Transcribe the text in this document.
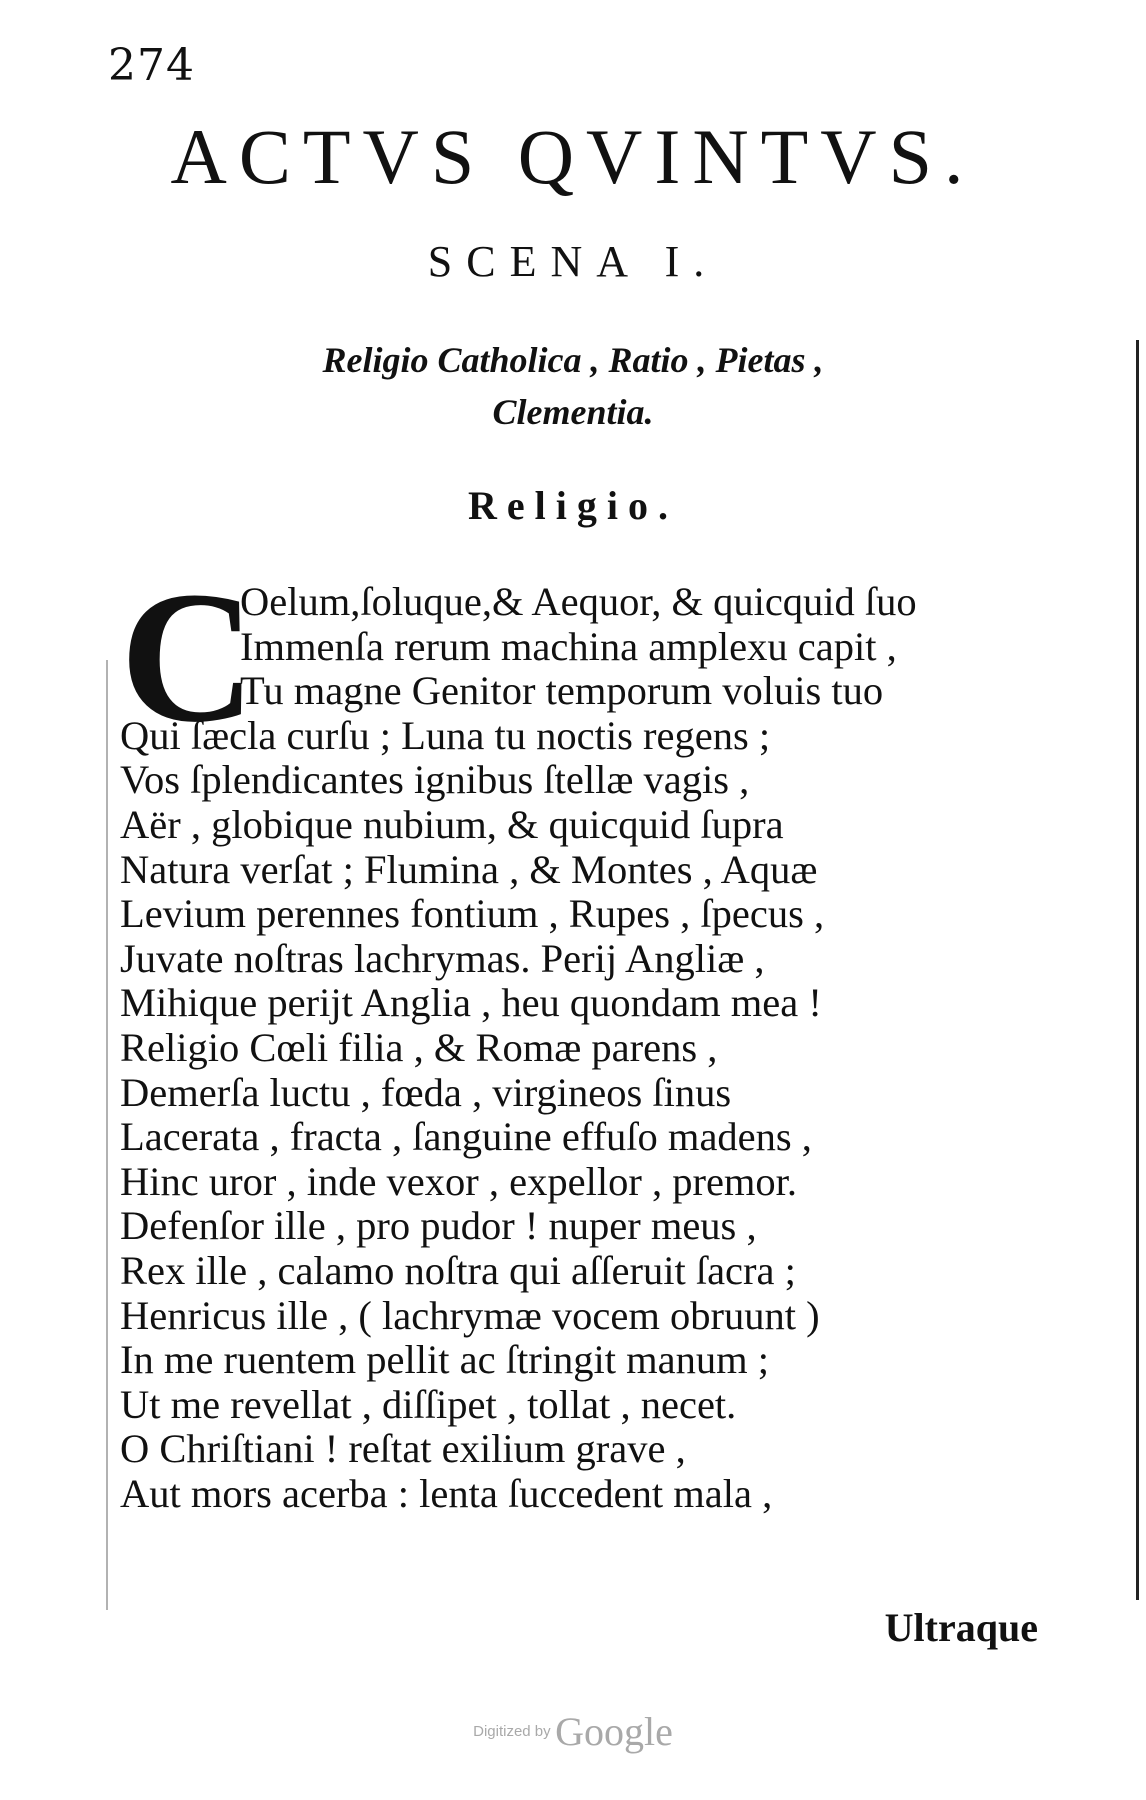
274
ACTVS QVINTVS.
SCENA I.
Religio Catholica , Ratio , Pietas ,
Clementia.
Religio.
C
Oelum,ſoluque,& Aequor, & quicquid ſuo
Immenſa rerum machina amplexu capit ,
Tu magne Genitor temporum voluis tuo
Qui ſæcla curſu ; Luna tu noctis regens ;
Vos ſplendicantes ignibus ſtellæ vagis ,
Aër , globique nubium, & quicquid ſupra
Natura verſat ; Flumina , & Montes , Aquæ
Levium perennes fontium , Rupes , ſpecus ,
Juvate noſtras lachrymas. Perij Angliæ ,
Mihique perijt Anglia , heu quondam mea !
Religio Cœli filia , & Romæ parens ,
Demerſa luctu , fœda , virgineos ſinus
Lacerata , fracta , ſanguine effuſo madens ,
Hinc uror , inde vexor , expellor , premor.
Defenſor ille , pro pudor ! nuper meus ,
Rex ille , calamo noſtra qui aſſeruit ſacra ;
Henricus ille , ( lachrymæ vocem obruunt )
In me ruentem pellit ac ſtringit manum ;
Ut me revellat , diſſipet , tollat , necet.
O Chriſtiani ! reſtat exilium grave ,
Aut mors acerba : lenta ſuccedent mala ,
Ultraque
Digitized by Google
